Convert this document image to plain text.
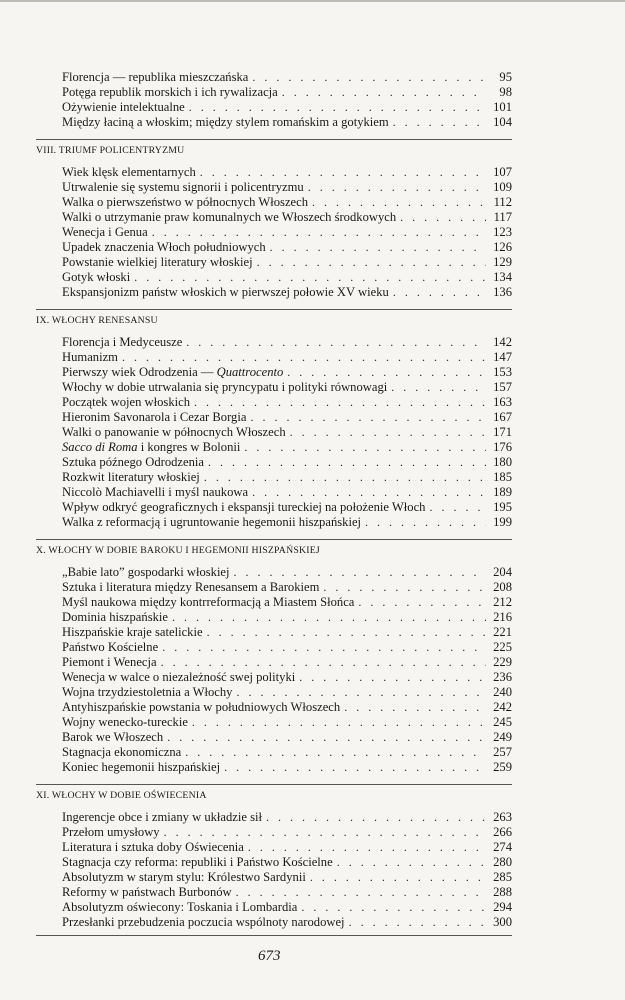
Florencja — republika mieszczańska . . .	95
Potęga republik morskich i ich rywalizacja . . .	98
Ożywienie intelektualne . . .	101
Między łaciną a włoskim; między stylem romańskim a gotykiem . . .	104
VIII. TRIUMF POLICENTRYZMU
Wiek klęsk elementarnych . . .	107
Utrwalenie się systemu signorii i policentryzmu . . .	109
Walka o pierwszeństwo w północnych Włoszech . . .	112
Walki o utrzymanie praw komunalnych we Włoszech środkowych . . .	117
Wenecja i Genua . . .	123
Upadek znaczenia Włoch południowych . . .	126
Powstanie wielkiej literatury włoskiej . . .	129
Gotyk włoski . . .	134
Ekspansjonizm państw włoskich w pierwszej połowie XV wieku . . .	136
IX. WŁOCHY RENESANSU
Florencja i Medyceusze . . .	142
Humanizm . . .	147
Pierwszy wiek Odrodzenia — Quattrocento . . .	153
Włochy w dobie utrwalania się pryncypatu i polityki równowagi . . .	157
Początek wojen włoskich . . .	163
Hieronim Savonarola i Cezar Borgia . . .	167
Walki o panowanie w północnych Włoszech . . .	171
Sacco di Roma i kongres w Bolonii . . .	176
Sztuka późnego Odrodzenia . . .	180
Rozkwit literatury włoskiej . . .	185
Niccolò Machiavelli i myśl naukowa . . .	189
Wpływ odkryć geograficznych i ekspansji tureckiej na położenie Włoch . . .	195
Walka z reformacją i ugruntowanie hegemonii hiszpańskiej . . .	199
X. WŁOCHY W DOBIE BAROKU I HEGEMONII HISZPAŃSKIEJ
„Babie lato” gospodarki włoskiej . . .	204
Sztuka i literatura między Renesansem a Barokiem . . .	208
Myśl naukowa między kontrreformacją a Miastem Słońca . . .	212
Dominia hiszpańskie . . .	216
Hiszpańskie kraje satelickie . . .	221
Państwo Kościelne . . .	225
Piemont i Wenecja . . .	229
Wenecja w walce o niezależność swej polityki . . .	236
Wojna trzydziestoletnia a Włochy . . .	240
Antyhiszpańskie powstania w południowych Włoszech . . .	242
Wojny wenecko-tureckie . . .	245
Barok we Włoszech . . .	249
Stagnacja ekonomiczna . . .	257
Koniec hegemonii hiszpańskiej . . .	259
XI. WŁOCHY W DOBIE OŚWIECENIA
Ingerencje obce i zmiany w układzie sił . . .	263
Przełom umysłowy . . .	266
Literatura i sztuka doby Oświecenia . . .	274
Stagnacja czy reforma: republiki i Państwo Kościelne . . .	280
Absolutyzm w starym stylu: Królestwo Sardynii . . .	285
Reformy w państwach Burbonów . . .	288
Absolutyzm oświecony: Toskania i Lombardia . . .	294
Przesłanki przebudzenia poczucia wspólnoty narodowej . . .	300
673
